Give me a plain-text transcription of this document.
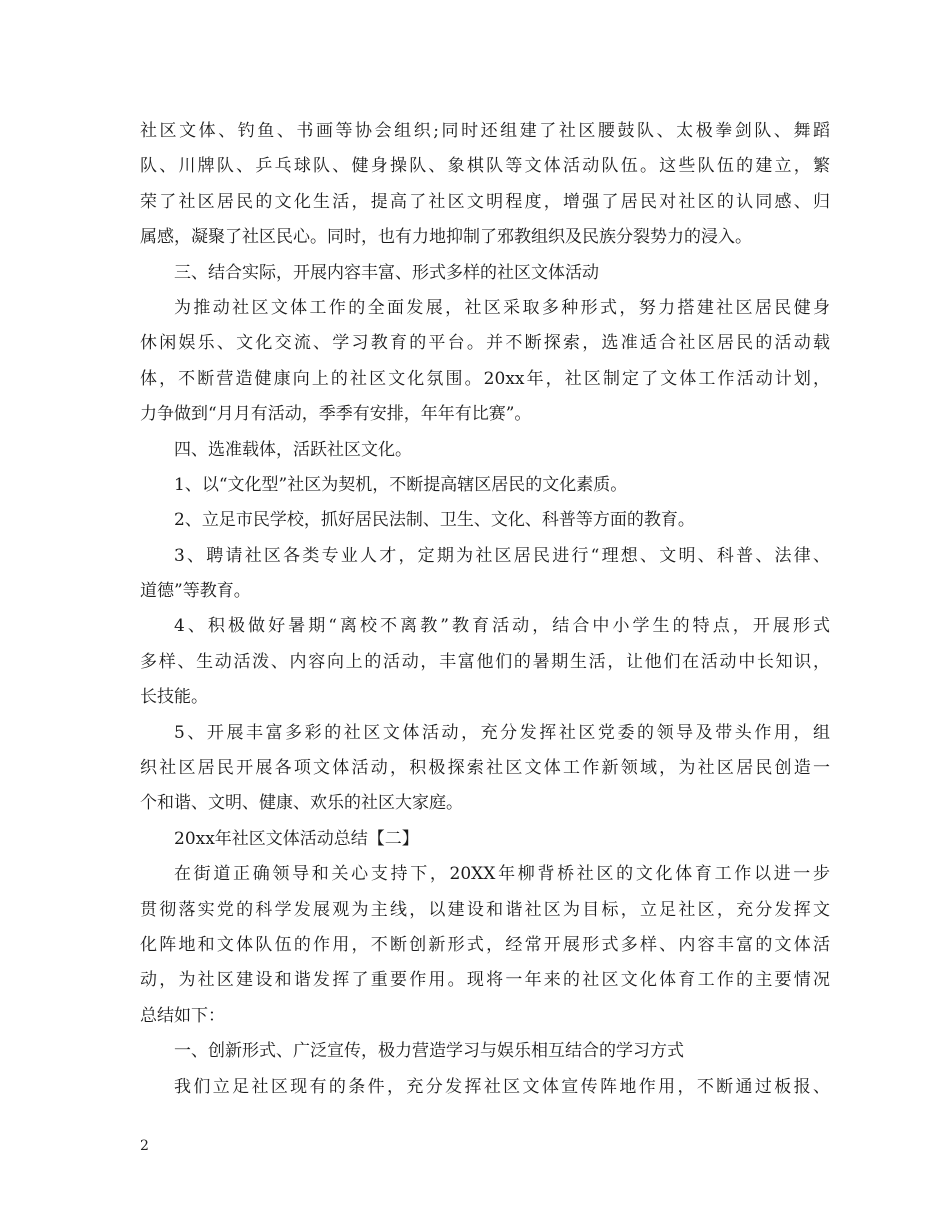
社区文体、钓鱼、书画等协会组织;同时还组建了社区腰鼓队、太极拳剑队、舞蹈
队、川牌队、乒乓球队、健身操队、象棋队等文体活动队伍。这些队伍的建立，繁
荣了社区居民的文化生活，提高了社区文明程度，增强了居民对社区的认同感、归
属感，凝聚了社区民心。同时，也有力地抑制了邪教组织及民族分裂势力的浸入。
三、结合实际，开展内容丰富、形式多样的社区文体活动
为推动社区文体工作的全面发展，社区采取多种形式，努力搭建社区居民健身
休闲娱乐、文化交流、学习教育的平台。并不断探索，选准适合社区居民的活动载
体，不断营造健康向上的社区文化氛围。20xx年，社区制定了文体工作活动计划，
力争做到“月月有活动，季季有安排，年年有比赛”。
四、选准载体，活跃社区文化。
1、以“文化型”社区为契机，不断提高辖区居民的文化素质。
2、立足市民学校，抓好居民法制、卫生、文化、科普等方面的教育。
3、聘请社区各类专业人才，定期为社区居民进行“理想、文明、科普、法律、
道德”等教育。
4、积极做好暑期“离校不离教”教育活动，结合中小学生的特点，开展形式
多样、生动活泼、内容向上的活动，丰富他们的暑期生活，让他们在活动中长知识，
长技能。
5、开展丰富多彩的社区文体活动，充分发挥社区党委的领导及带头作用，组
织社区居民开展各项文体活动，积极探索社区文体工作新领域，为社区居民创造一
个和谐、文明、健康、欢乐的社区大家庭。
20xx年社区文体活动总结【二】
在街道正确领导和关心支持下，20XX年柳背桥社区的文化体育工作以进一步
贯彻落实党的科学发展观为主线，以建设和谐社区为目标，立足社区，充分发挥文
化阵地和文体队伍的作用，不断创新形式，经常开展形式多样、内容丰富的文体活
动，为社区建设和谐发挥了重要作用。现将一年来的社区文化体育工作的主要情况
总结如下：
一、创新形式、广泛宣传，极力营造学习与娱乐相互结合的学习方式
我们立足社区现有的条件，充分发挥社区文体宣传阵地作用，不断通过板报、
2
